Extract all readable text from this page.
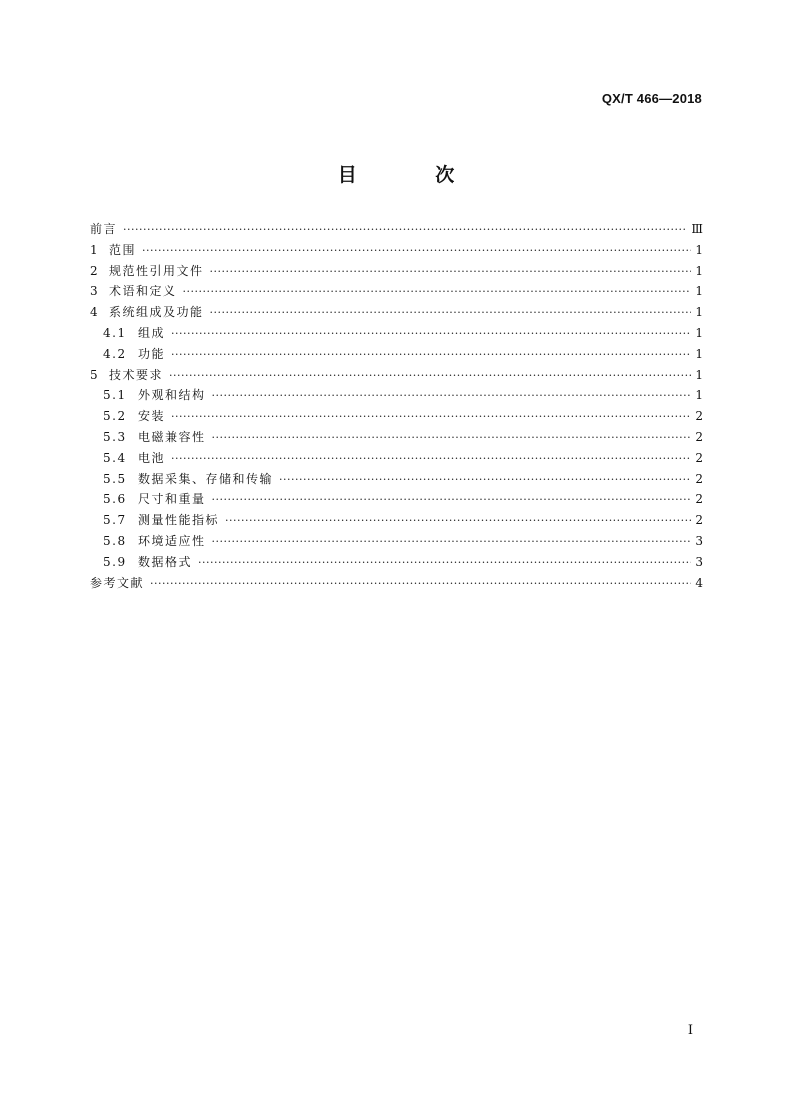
QX/T 466—2018
目 次
前言 ·····	Ⅲ
1 范围 ·····	1
2 规范性引用文件 ·····	1
3 术语和定义 ·····	1
4 系统组成及功能 ·····	1
4.1 组成 ·····	1
4.2 功能 ·····	1
5 技术要求 ·····	1
5.1 外观和结构 ·····	1
5.2 安装 ·····	2
5.3 电磁兼容性 ·····	2
5.4 电池 ·····	2
5.5 数据采集、存储和传输 ·····	2
5.6 尺寸和重量 ·····	2
5.7 测量性能指标 ·····	2
5.8 环境适应性 ·····	3
5.9 数据格式 ·····	3
参考文献 ·····	4
I
